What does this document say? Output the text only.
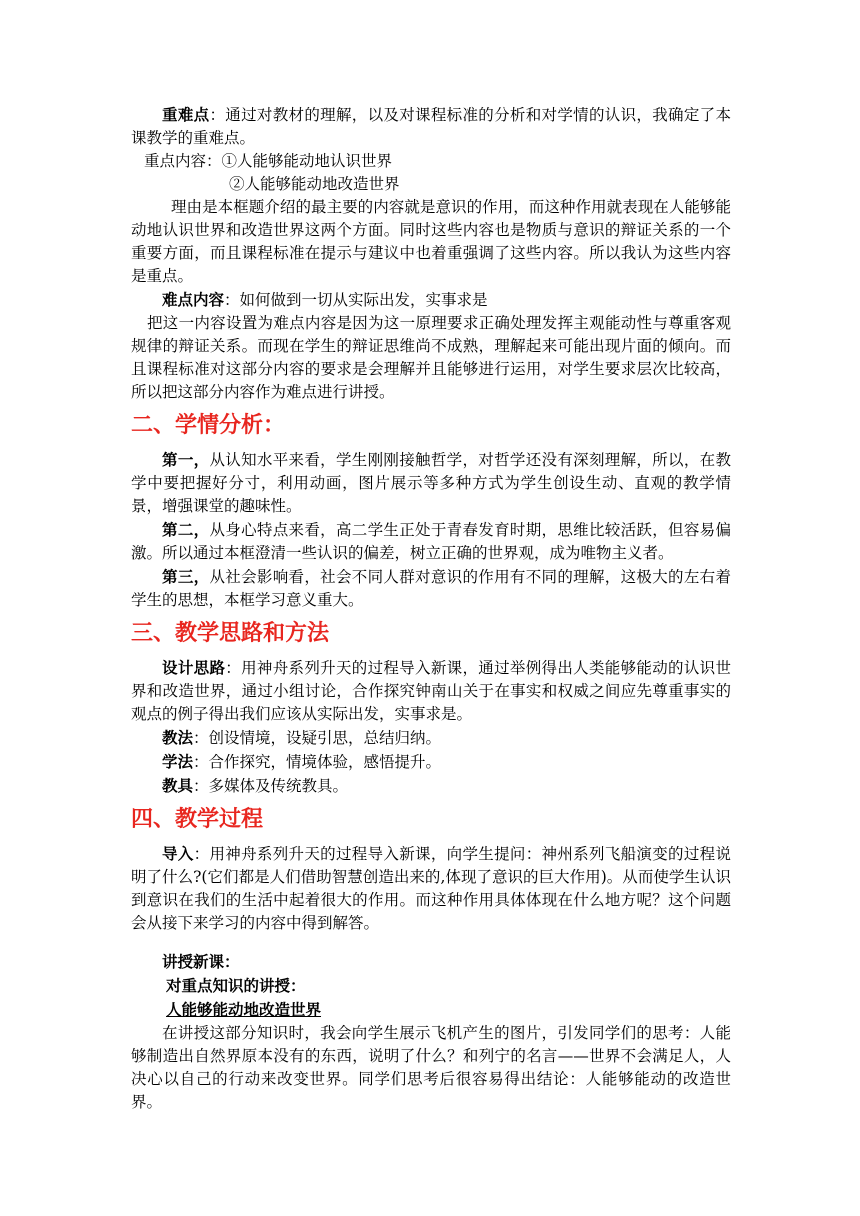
重难点：通过对教材的理解，以及对课程标准的分析和对学情的认识，我确定了本课教学的重难点。

重点内容：①人能够能动地认识世界

②人能够能动地改造世界

理由是本框题介绍的最主要的内容就是意识的作用，而这种作用就表现在人能够能动地认识世界和改造世界这两个方面。同时这些内容也是物质与意识的辩证关系的一个重要方面，而且课程标准在提示与建议中也着重强调了这些内容。所以我认为这些内容是重点。

难点内容：如何做到一切从实际出发，实事求是

把这一内容设置为难点内容是因为这一原理要求正确处理发挥主观能动性与尊重客观规律的辩证关系。而现在学生的辩证思维尚不成熟，理解起来可能出现片面的倾向。而且课程标准对这部分内容的要求是会理解并且能够进行运用，对学生要求层次比较高，所以把这部分内容作为难点进行讲授。

二、学情分析：

第一，从认知水平来看，学生刚刚接触哲学，对哲学还没有深刻理解，所以，在教学中要把握好分寸，利用动画，图片展示等多种方式为学生创设生动、直观的教学情景，增强课堂的趣味性。

第二，从身心特点来看，高二学生正处于青春发育时期，思维比较活跃，但容易偏激。所以通过本框澄清一些认识的偏差，树立正确的世界观，成为唯物主义者。

第三，从社会影响看，社会不同人群对意识的作用有不同的理解，这极大的左右着学生的思想，本框学习意义重大。

三、教学思路和方法

设计思路：用神舟系列升天的过程导入新课，通过举例得出人类能够能动的认识世界和改造世界，通过小组讨论，合作探究钟南山关于在事实和权威之间应先尊重事实的观点的例子得出我们应该从实际出发，实事求是。

教法：创设情境，设疑引思，总结归纳。

学法：合作探究，情境体验，感悟提升。

教具：多媒体及传统教具。

四、教学过程

导入：用神舟系列升天的过程导入新课，向学生提问：神州系列飞船演变的过程说明了什么?(它们都是人们借助智慧创造出来的,体现了意识的巨大作用)。从而使学生认识到意识在我们的生活中起着很大的作用。而这种作用具体体现在什么地方呢？这个问题会从接下来学习的内容中得到解答。

讲授新课：

对重点知识的讲授：

人能够能动地改造世界

在讲授这部分知识时，我会向学生展示飞机产生的图片，引发同学们的思考：人能够制造出自然界原本没有的东西，说明了什么？和列宁的名言——世界不会满足人，人决心以自己的行动来改变世界。同学们思考后很容易得出结论：人能够能动的改造世界。
